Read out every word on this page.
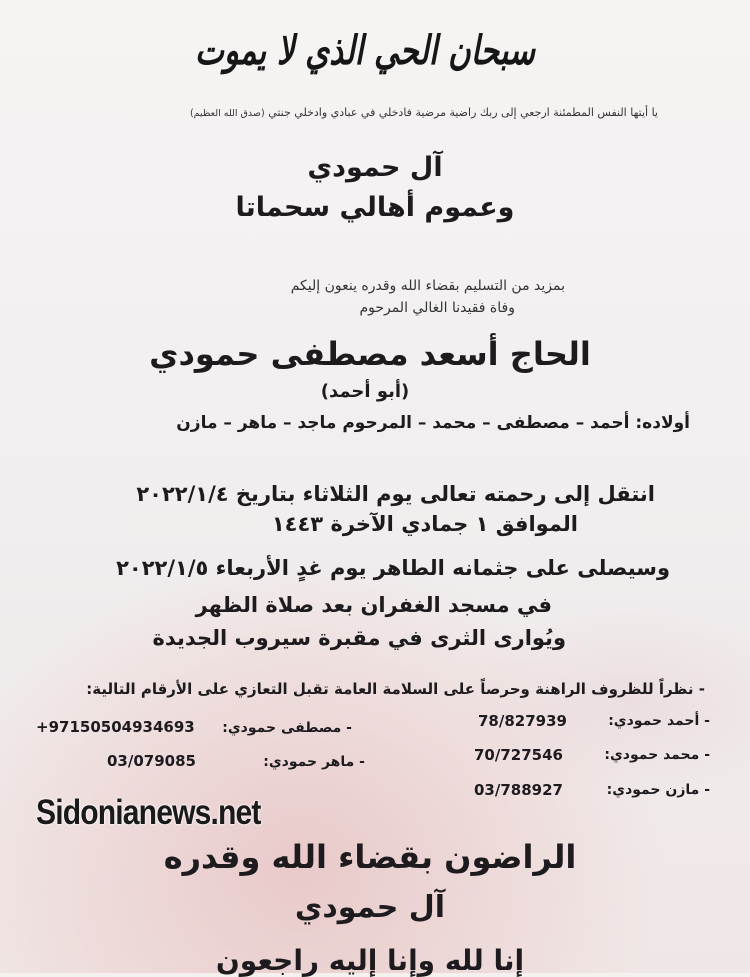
سبحان الحي الذي لا يموت
يا أيتها النفس المطمئنة ارجعي إلى ربك راضية مرضية فادخلي في عبادي وادخلي جنتي (صدق الله العظيم)
آل حمودي
وعموم أهالي سحماتا
بمزيد من التسليم بقضاء الله وقدره ينعون إليكم
وفاة فقيدنا الغالي المرحوم
الحاج أسعد مصطفى حمودي
(أبو أحمد)
أولاده: أحمد – مصطفى – محمد – المرحوم ماجد – ماهر – مازن
انتقل إلى رحمته تعالى يوم الثلاثاء بتاريخ ٢٠٢٢/١/٤
الموافق ١ جمادي الآخرة ١٤٤٣
وسيصلى على جثمانه الطاهر يوم غدٍ الأربعاء ٢٠٢٢/١/٥
في مسجد الغفران بعد صلاة الظهر
ويُوارى الثرى في مقبرة سيروب الجديدة
- نظراً للظروف الراهنة وحرصاً على السلامة العامة تقبل التعازي على الأرقام التالية:
- أحمد حمودي:
78/827939
- محمد حمودي:
70/727546
- مازن حمودي:
03/788927
- مصطفى حمودي:
+97150504934693
- ماهر حمودي:
03/079085
Sidonianews.net
الراضون بقضاء الله وقدره
آل حمودي
إنا لله وإنا إليه راجعون
